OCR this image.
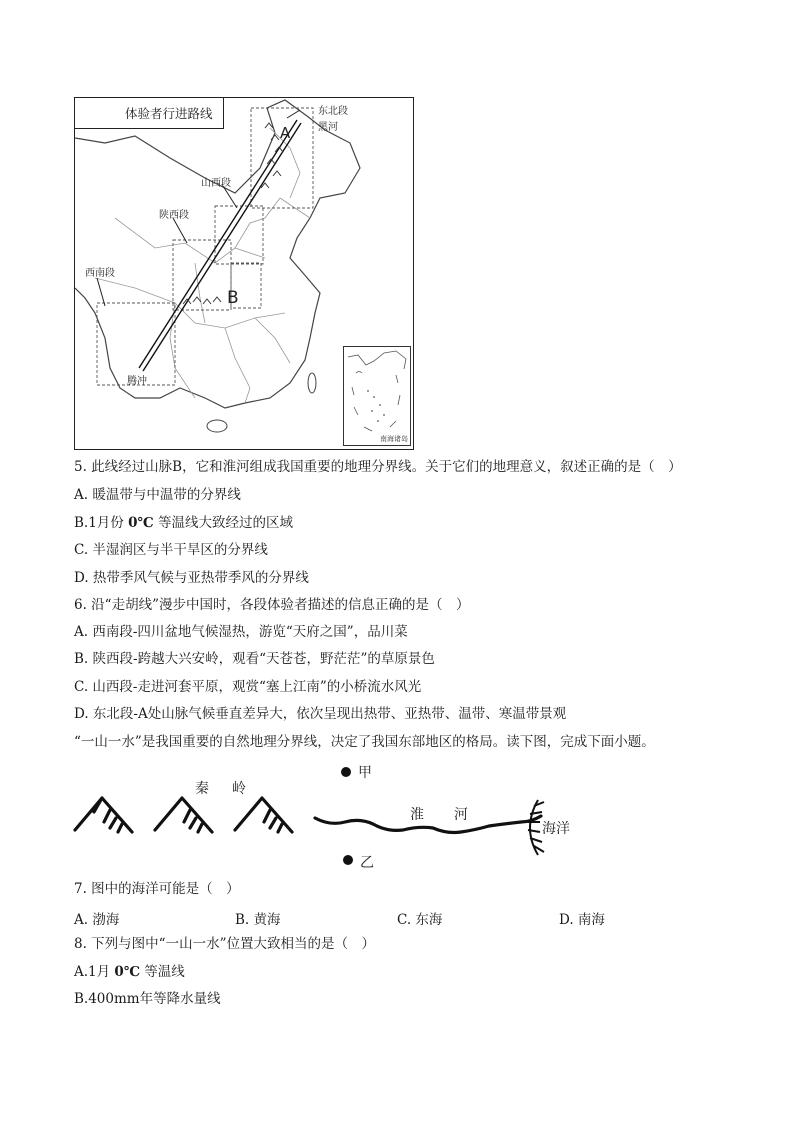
体验者行进路线	东北段
黑河
山西段
陕西段
西南段
腾冲
A
B
南海诸岛
5. 此线经过山脉B，它和淮河组成我国重要的地理分界线。关于它们的地理意义，叙述正确的是（　）
A. 暖温带与中温带的分界线
B.1月份 0℃ 等温线大致经过的区域
C. 半湿润区与半干旱区的分界线
D. 热带季风气候与亚热带季风的分界线
6. 沿“走胡线”漫步中国时，各段体验者描述的信息正确的是（　）
A. 西南段-四川盆地气候湿热，游览“天府之国”，品川菜
B. 陕西段-跨越大兴安岭，观看“天苍苍，野茫茫”的草原景色
C. 山西段-走进河套平原，观赏“塞上江南”的小桥流水风光
D. 东北段-A处山脉气候垂直差异大，依次呈现出热带、亚热带、温带、寒温带景观
“一山一水”是我国重要的自然地理分界线，决定了我国东部地区的格局。读下图，完成下面小题。
甲
乙
秦 岭
淮 河
海洋
7. 图中的海洋可能是（　）
A. 渤海	B. 黄海	C. 东海	D. 南海
8. 下列与图中“一山一水”位置大致相当的是（　）
A.1月 0℃ 等温线
B.400mm年等降水量线
